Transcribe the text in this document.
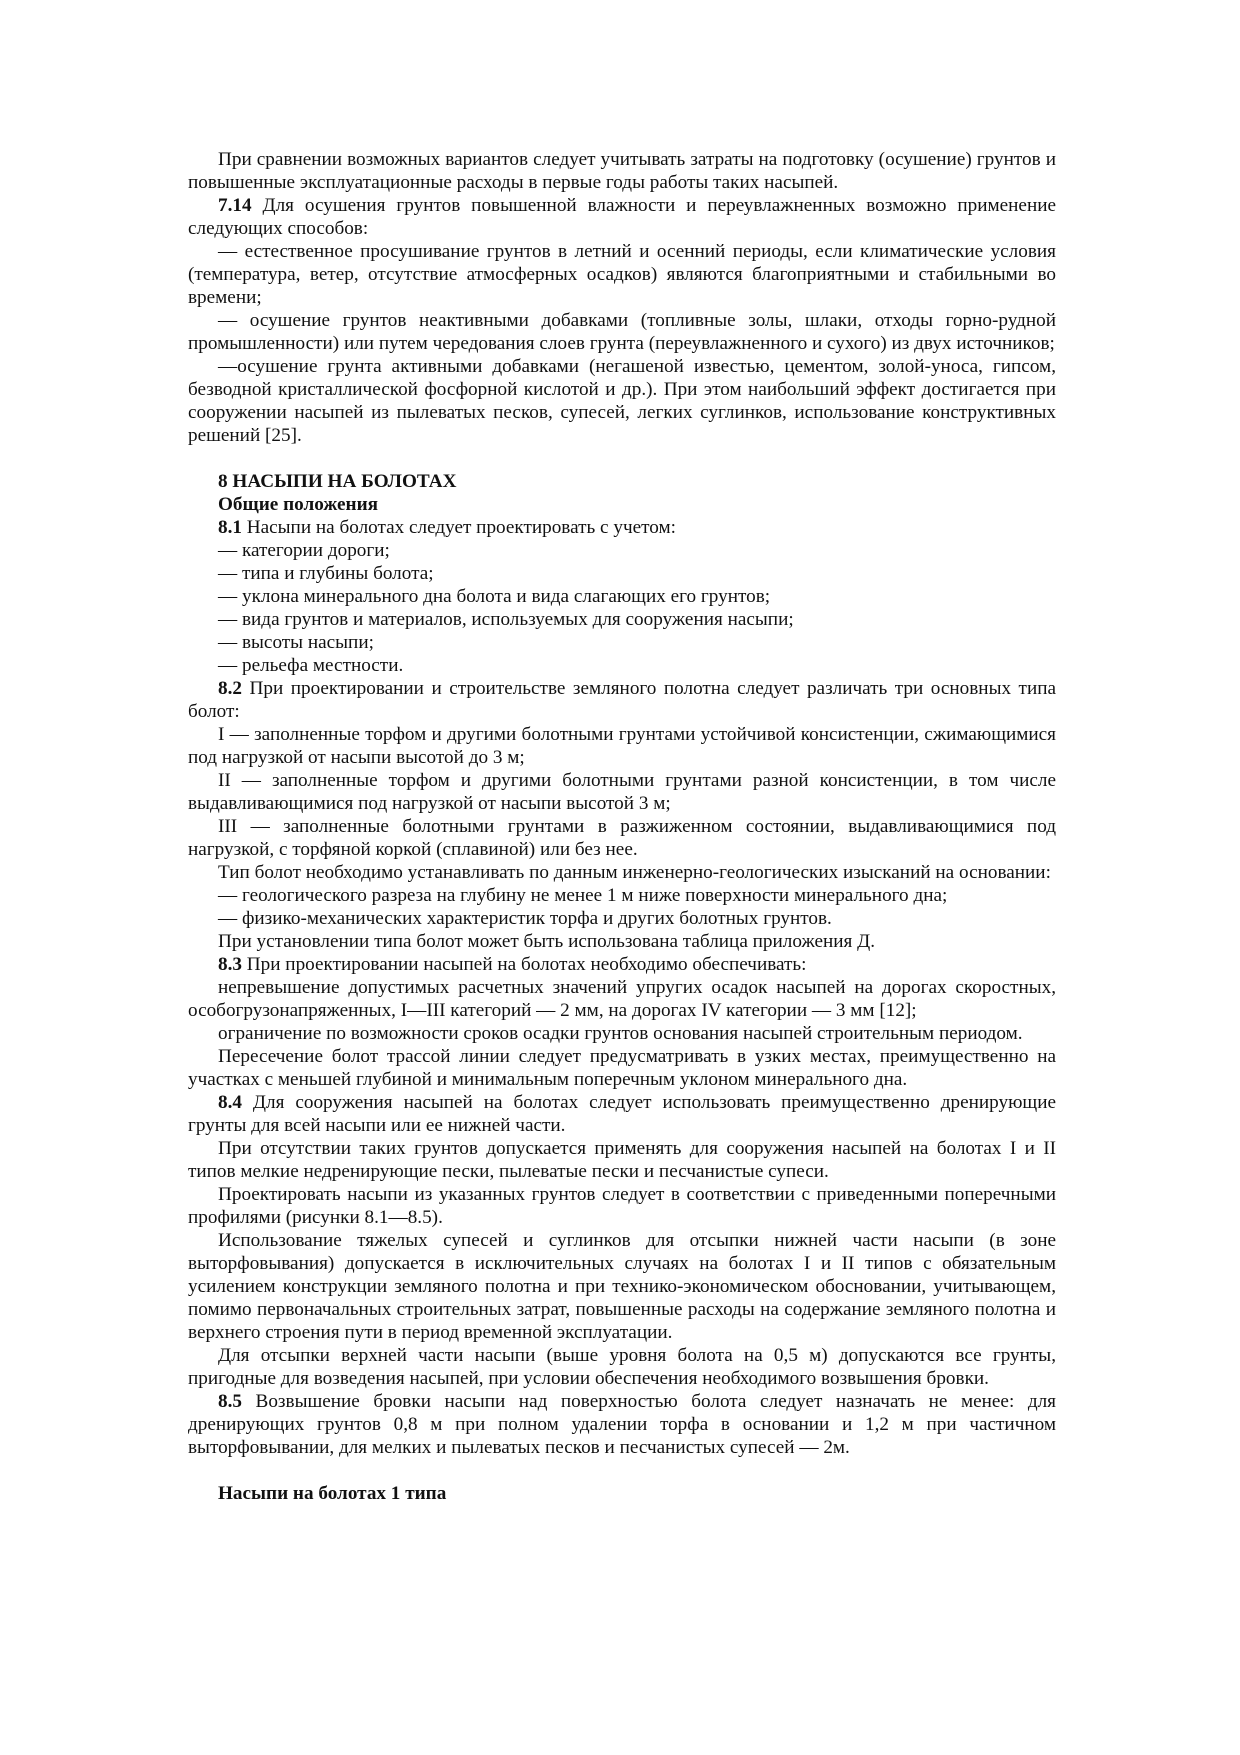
При сравнении возможных вариантов следует учитывать затраты на подготовку (осушение) грунтов и повышенные эксплуатационные расходы в первые годы работы таких насыпей.

7.14 Для осушения грунтов повышенной влажности и переувлажненных возможно применение следующих способов:

— естественное просушивание грунтов в летний и осенний периоды, если климатические условия (температура, ветер, отсутствие атмосферных осадков) являются благоприятными и стабильными во времени;

— осушение грунтов неактивными добавками (топливные золы, шлаки, отходы горно-рудной промышленности) или путем чередования слоев грунта (переувлажненного и сухого) из двух источников;

—осушение грунта активными добавками (негашеной известью, цементом, золой-уноса, гипсом, безводной кристаллической фосфорной кислотой и др.). При этом наибольший эффект достигается при сооружении насыпей из пылеватых песков, супесей, легких суглинков, использование конструктивных решений [25].

8 НАСЫПИ НА БОЛОТАХ

Общие положения

8.1 Насыпи на болотах следует проектировать с учетом:

— категории дороги;

— типа и глубины болота;

— уклона минерального дна болота и вида слагающих его грунтов;

— вида грунтов и материалов, используемых для сооружения насыпи;

— высоты насыпи;

— рельефа местности.

8.2 При проектировании и строительстве земляного полотна следует различать три основных типа болот:

I — заполненные торфом и другими болотными грунтами устойчивой консистенции, сжимающимися под нагрузкой от насыпи высотой до 3 м;

II — заполненные торфом и другими болотными грунтами разной консистенции, в том числе выдавливающимися под нагрузкой от насыпи высотой 3 м;

III — заполненные болотными грунтами в разжиженном состоянии, выдавливающимися под нагрузкой, с торфяной коркой (сплавиной) или без нее.

Тип болот необходимо устанавливать по данным инженерно-геологических изысканий на основании:

— геологического разреза на глубину не менее 1 м ниже поверхности минерального дна;

— физико-механических характеристик торфа и других болотных грунтов.

При установлении типа болот может быть использована таблица приложения Д.

8.3 При проектировании насыпей на болотах необходимо обеспечивать:

непревышение допустимых расчетных значений упругих осадок насыпей на дорогах скоростных, особогрузонапряженных, I—III категорий — 2 мм, на дорогах IV категории — 3 мм [12];

ограничение по возможности сроков осадки грунтов основания насыпей строительным периодом.

Пересечение болот трассой линии следует предусматривать в узких местах, преимущественно на участках с меньшей глубиной и минимальным поперечным уклоном минерального дна.

8.4 Для сооружения насыпей на болотах следует использовать преимущественно дренирующие грунты для всей насыпи или ее нижней части.

При отсутствии таких грунтов допускается применять для сооружения насыпей на болотах I и II типов мелкие недренирующие пески, пылеватые пески и песчанистые супеси.

Проектировать насыпи из указанных грунтов следует в соответствии с приведенными поперечными профилями (рисунки 8.1—8.5).

Использование тяжелых супесей и суглинков для отсыпки нижней части насыпи (в зоне выторфовывания) допускается в исключительных случаях на болотах I и II типов с обязательным усилением конструкции земляного полотна и при технико-экономическом обосновании, учитывающем, помимо первоначальных строительных затрат, повышенные расходы на содержание земляного полотна и верхнего строения пути в период временной эксплуатации.

Для отсыпки верхней части насыпи (выше уровня болота на 0,5 м) допускаются все грунты, пригодные для возведения насыпей, при условии обеспечения необходимого возвышения бровки.

8.5 Возвышение бровки насыпи над поверхностью болота следует назначать не менее: для дренирующих грунтов 0,8 м при полном удалении торфа в основании и 1,2 м при частичном выторфовывании, для мелких и пылеватых песков и песчанистых супесей — 2м.

Насыпи на болотах 1 типа
